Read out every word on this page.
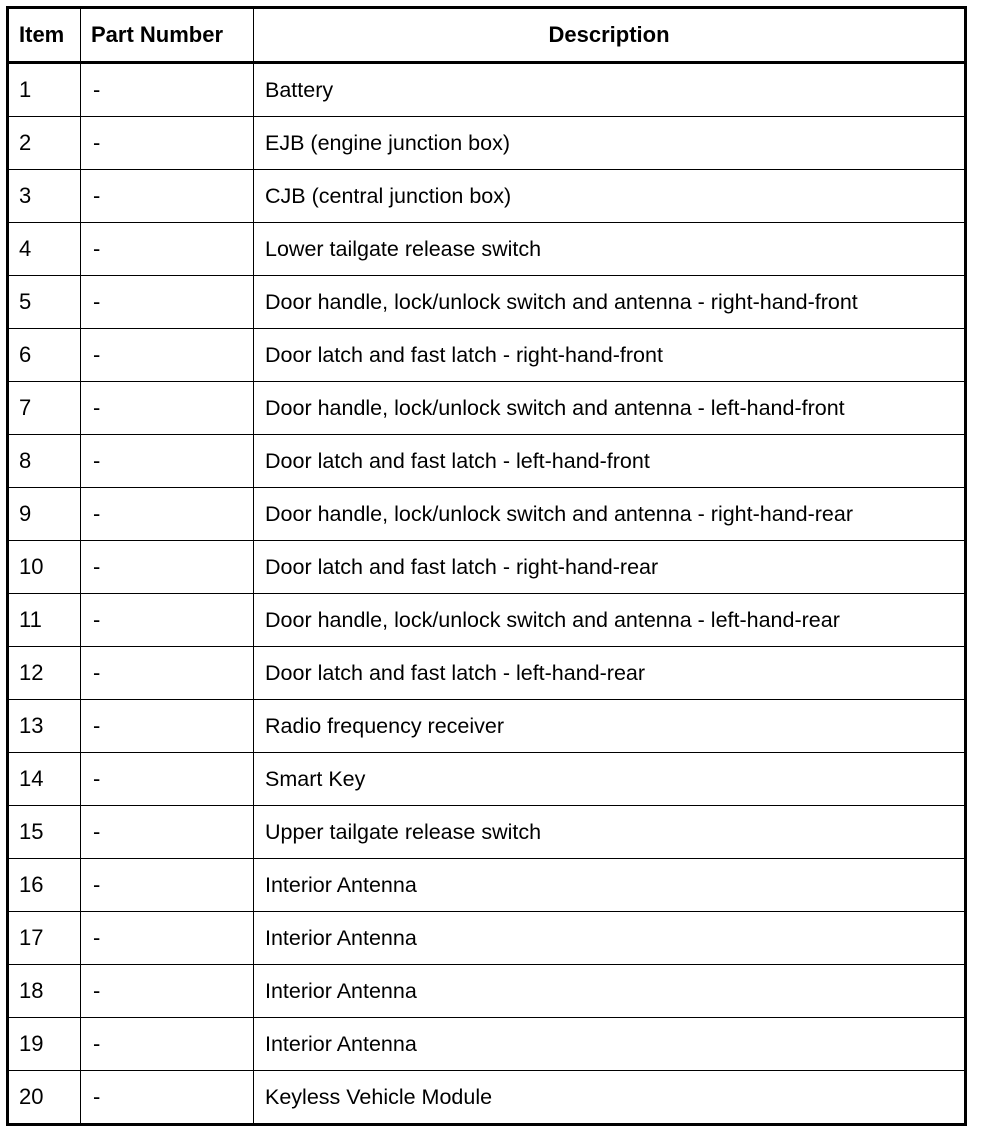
Item	Part Number	Description
1	-	Battery
2	-	EJB (engine junction box)
3	-	CJB (central junction box)
4	-	Lower tailgate release switch
5	-	Door handle, lock/unlock switch and antenna - right-hand-front
6	-	Door latch and fast latch - right-hand-front
7	-	Door handle, lock/unlock switch and antenna - left-hand-front
8	-	Door latch and fast latch - left-hand-front
9	-	Door handle, lock/unlock switch and antenna - right-hand-rear
10	-	Door latch and fast latch - right-hand-rear
11	-	Door handle, lock/unlock switch and antenna - left-hand-rear
12	-	Door latch and fast latch - left-hand-rear
13	-	Radio frequency receiver
14	-	Smart Key
15	-	Upper tailgate release switch
16	-	Interior Antenna
17	-	Interior Antenna
18	-	Interior Antenna
19	-	Interior Antenna
20	-	Keyless Vehicle Module
